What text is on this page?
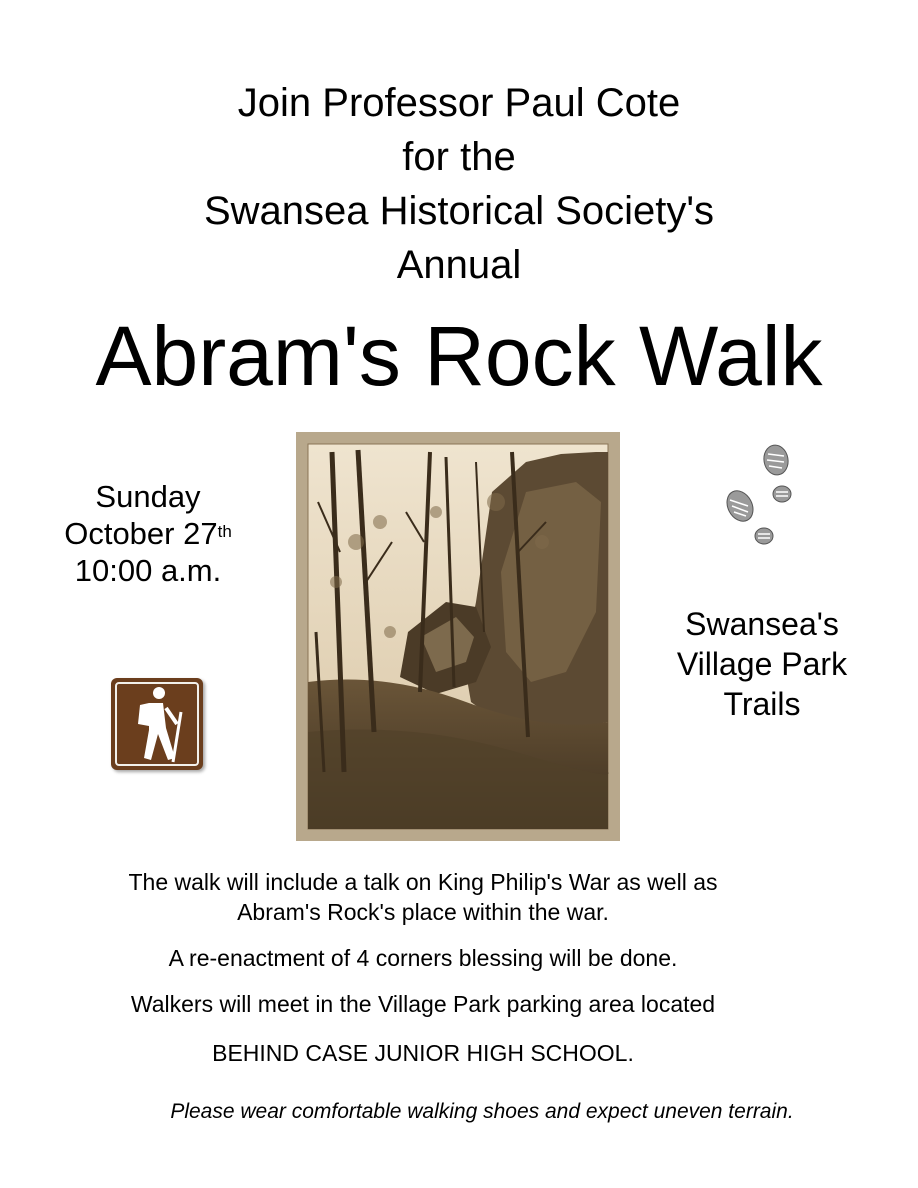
Join Professor Paul Cote
for the
Swansea Historical Society's
Annual
Abram's Rock Walk
Sunday
October 27th
10:00 a.m.
Swansea's
Village Park
Trails
The walk will include a talk on King Philip's War as well as
Abram's Rock's place within the war.
A re-enactment of 4 corners blessing will be done.
Walkers will meet in the Village Park parking area located
BEHIND CASE JUNIOR HIGH SCHOOL.
Please wear comfortable walking shoes and expect uneven terrain.
